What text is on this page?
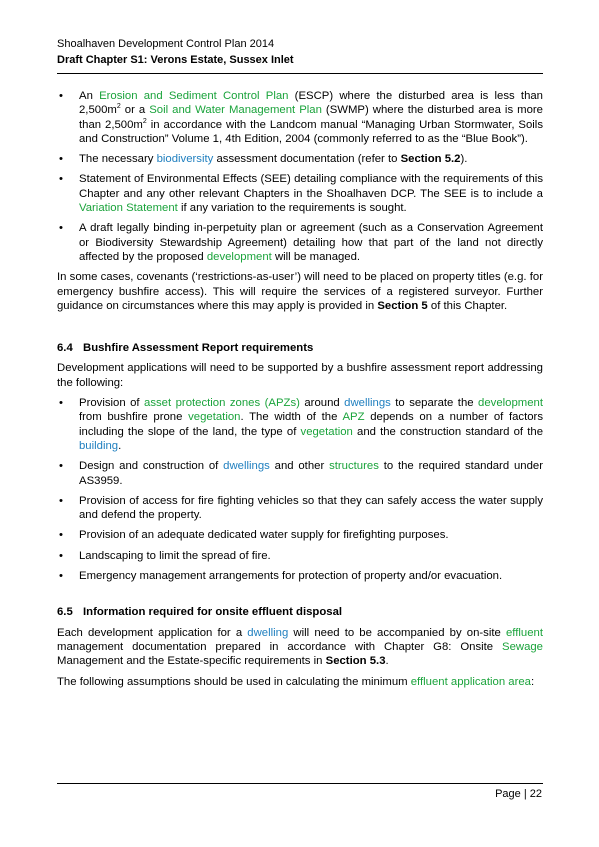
Shoalhaven Development Control Plan 2014
Draft Chapter S1: Verons Estate, Sussex Inlet
• An Erosion and Sediment Control Plan (ESCP) where the disturbed area is less than $2,500m^2$ or a Soil and Water Management Plan (SWMP) where the disturbed area is more than $2,500m^2$ in accordance with the Landcom manual “Managing Urban Stormwater, Soils and Construction” Volume 1, 4th Edition, 2004 (commonly referred to as the “Blue Book”).
• The necessary biodiversity assessment documentation (refer to Section 5.2).
• Statement of Environmental Effects (SEE) detailing compliance with the requirements of this Chapter and any other relevant Chapters in the Shoalhaven DCP. The SEE is to include a Variation Statement if any variation to the requirements is sought.
• A draft legally binding in-perpetuity plan or agreement (such as a Conservation Agreement or Biodiversity Stewardship Agreement) detailing how that part of the land not directly affected by the proposed development will be managed.

In some cases, covenants (‘restrictions-as-user’) will need to be placed on property titles (e.g. for emergency bushfire access). This will require the services of a registered surveyor. Further guidance on circumstances where this may apply is provided in Section 5 of this Chapter.

6.4 Bushfire Assessment Report requirements

Development applications will need to be supported by a bushfire assessment report addressing the following:

• Provision of asset protection zones (APZs) around dwellings to separate the development from bushfire prone vegetation. The width of the APZ depends on a number of factors including the slope of the land, the type of vegetation and the construction standard of the building.
• Design and construction of dwellings and other structures to the required standard under AS3959.
• Provision of access for fire fighting vehicles so that they can safely access the water supply and defend the property.
• Provision of an adequate dedicated water supply for firefighting purposes.
• Landscaping to limit the spread of fire.
• Emergency management arrangements for protection of property and/or evacuation.
6.5 Information required for onsite effluent disposal

Each development application for a dwelling will need to be accompanied by on-site effluent management documentation prepared in accordance with Chapter G8: Onsite Sewage Management and the Estate-specific requirements in Section 5.3.

The following assumptions should be used in calculating the minimum effluent application area:

Page | 22
